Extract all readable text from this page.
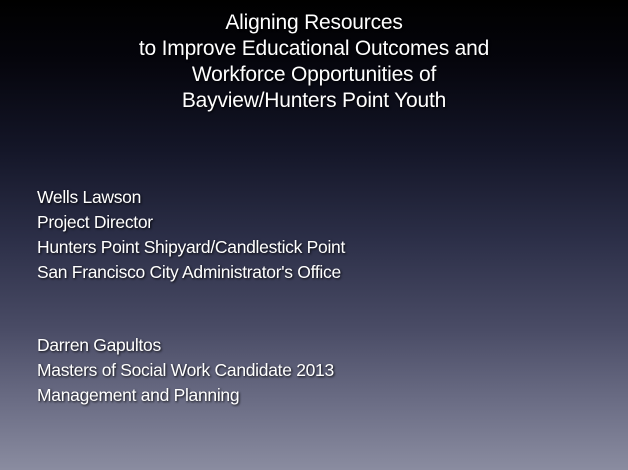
Aligning Resources
to Improve Educational Outcomes and
Workforce Opportunities of
Bayview/Hunters Point Youth
Wells Lawson
Project Director
Hunters Point Shipyard/Candlestick Point
San Francisco City Administrator's Office
Darren Gapultos
Masters of Social Work Candidate 2013
Management and Planning
